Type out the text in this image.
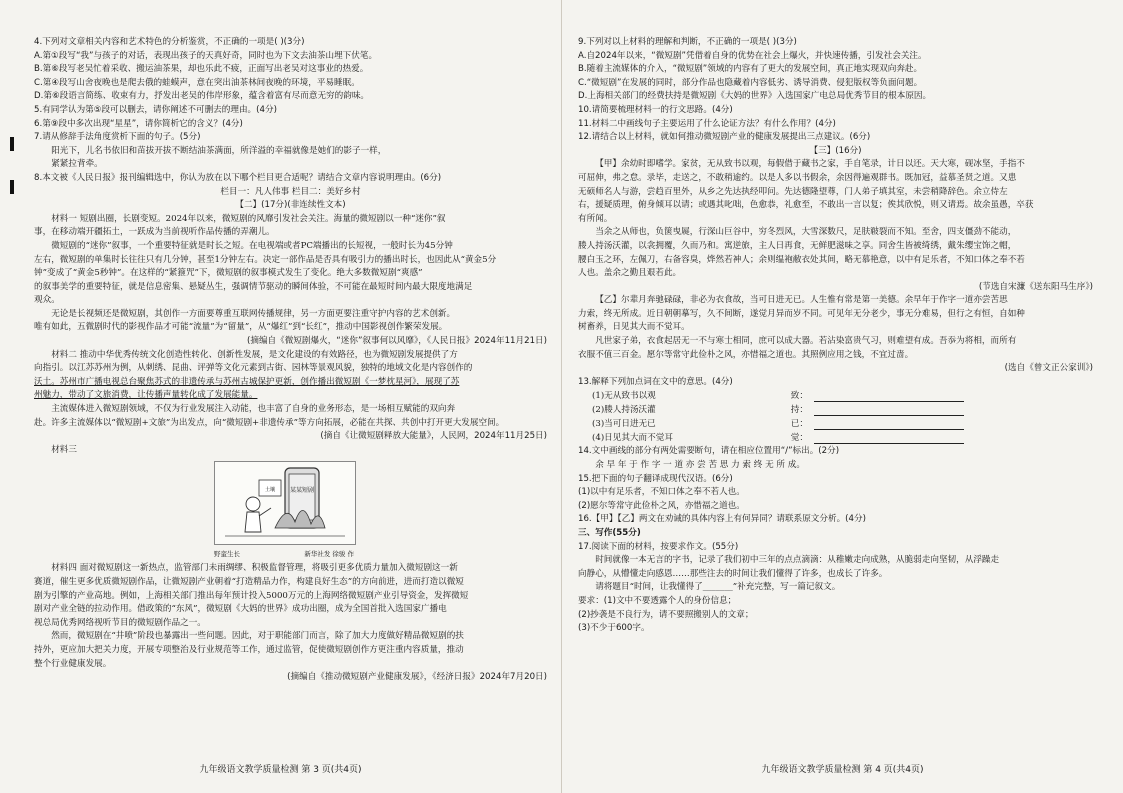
4.下列对文章相关内容和艺术特色的分析鉴赏，不正确的一项是( )(3分)
A.第①段写“我”与孩子的对话，表现出孩子的天真好奇，同时也为下文去油茶山埋下伏笔。
B.第⑥段写老吴忙着采收、搬运油茶果，却也乐此不疲，正面写出老吴对这事业的热爱。
C.第④段写山舍夜晚也是爬去俄的蛙蟆声，意在突出油茶林间夜晚的环境，平易睡眠。
D.第⑥段语言简练、收束有力，抒发出老吴的伟岸形象，蕴含着富有尽而意无穷的韵味。
5.有同学认为第⑤段可以删去，请你阐述不可删去的理由。(4分)
6.第⑨段中多次出现“星星”，请你简析它的含义？(4分)
7.请从修辞手法角度赏析下面的句子。(5分)
阳光下，儿名书依旧和苗拔开拔不断结油茶满面，所洋溢的幸福就像是她们的影子一样，
紧紧拉背牵。
8.本文被《人民日报》报刊编辑选中，你认为放在以下哪个栏目更合适呢？请结合文章内容说明理由。(6分)
栏目一：凡人伟事 栏目二：美好乡村
【二】(17分)(非连续性文本)
材料一 短剧出圈，长剧变短。2024年以来，微短剧的风靡引发社会关注。海量的微短剧以一种“迷你”叙
事，在移动端开疆拓土，一跃成为当前视听作品传播的弄潮儿。
微短剧的“迷你”叙事，一个重要特征就是时长之短。在电视端或者PC端播出的长短视，一般时长为45分钟
左右，微短剧的单集时长往往只有几分钟，甚至1分钟左右。决定一部作品是否具有吸引力的播出时长，也因此从“黄金5分
钟”变成了“黄金5秒钟”。在这样的“紧箍咒”下，微短剧的叙事模式发生了变化。绝大多数微短剧“爽感”
的叙事美学的重要特征，就是信息密集、悬疑丛生，强调情节驱动的瞬间体验，不可能在最短时间内最大限度地满足
观众。
无论是长视频还是微短剧，其创作一方面要尊重互联网传播规律，另一方面更要注重守护内容的艺术创新。
唯有如此，五微剧时代的影视作品才可能“流量”为“留量”，从“爆红”到“长红”，推动中国影视创作繁荣发展。
(摘编自《微短剧爆火，“迷你”叙事何以风靡》，《人民日报》2024年11月21日)
材料二 推动中华优秀传统文化创造性转化、创新性发展，是文化建设的有效路径，也为微短剧发展提供了方
向指引。以江苏苏州为例，从刺绣、昆曲、评弹等文化元素到古街、园林等景观风貌，独特的地域文化是内容创作的
沃土。苏州市广播电视总台聚焦苏式的非遗传承与苏州古城保护更新，创作播出微短剧《一梦枕星河》，展现了苏
州魅力，带动了文旅消费，让传播声量转化成了发展能量。
主流媒体进入微短剧领域，不仅为行业发展注入动能，也丰富了自身的业务形态，是一场相互赋能的双向奔
赴。许多主流媒体以“微短剧+文旅”为出发点，向“微短剧+非遗传承”等方向拓展，必能在共探、共创中打开更大发展空间。
(摘自《让微短剧释放大能量》，人民网，2024年11月25日)
材料三
某某短剧
土壤
野蛮生长	新华社发 徐骏 作
材料四 面对微短剧这一新热点，监管部门未雨绸缪、积极监督管理，将吸引更多优质力量加入微短剧这一新
赛道，催生更多优质微短剧作品，让微短剧产业朝着“打造精品力作，构建良好生态”的方向前进，进而打造以微短
剧为引擎的产业高地。例如，上海相关部门推出每年预计投入5000万元的上海网络微短剧产业引导资金，发挥微短
剧对产业全链的拉动作用。借政策的“东风”，微短剧《大妈的世界》成功出圈，成为全国首批入选国家广播电
视总局优秀网络视听节目的微短剧作品之一。
然而，微短剧在“井喷”阶段也暴露出一些问题。因此，对于职能部门而言，除了加大力度做好精品微短剧的扶
持外，更应加大把关力度，开展专项整治及行业规范等工作，通过监管，促使微短剧创作方更注重内容质量，推动
整个行业健康发展。
(摘编自《推动微短剧产业健康发展》，《经济日报》2024年7月20日)
九年级语文教学质量检测 第 3 页(共4页)
9.下列对以上材料的理解和判断，不正确的一项是( )(3分)
A.自2024年以来，“微短剧”凭借着自身的优势在社会上爆火，并快速传播，引发社会关注。
B.随着主流媒体的介入，“微短剧”领域的内容有了更大的发展空间，真正地实现双向奔赴。
C.“微短剧”在发展的同时，部分作品也隐藏着内容低劣、诱导消费、侵犯版权等负面问题。
D.上海相关部门的经费扶持是微短剧《大妈的世界》入选国家广电总局优秀节目的根本原因。
10.请简要梳理材料一的行文思路。(4分)
11.材料二中画线句子主要运用了什么论证方法？有什么作用？(4分)
12.请结合以上材料，就如何推动微短剧产业的健康发展提出三点建议。(6分)
【三】(16分)
【甲】余幼时即嗜学。家贫，无从致书以观，每假借于藏书之家，手自笔录，计日以还。天大寒，砚冰坚，手指不
可屈伸，弗之怠。录毕，走送之，不敢稍逾约。以是人多以书假余，余因得遍观群书。既加冠，益慕圣贤之道。又患
无硕师名人与游，尝趋百里外，从乡之先达执经叩问。先达德隆望尊，门人弟子填其室，未尝稍降辞色。余立侍左
右，援疑质理，俯身倾耳以请；或遇其叱咄，色愈恭，礼愈至，不敢出一言以复；俟其欣悦，则又请焉。故余虽愚，卒获
有所闻。
当余之从师也，负箧曳屣，行深山巨谷中，穷冬烈风，大雪深数尺，足肤皲裂而不知。至舍，四支僵劲不能动，
媵人持汤沃灌，以衾拥覆，久而乃和。寓逆旅，主人日再食，无鲜肥滋味之享。同舍生皆被绮绣，戴朱缨宝饰之帽，
腰白玉之环，左佩刀，右备容臭，烨然若神人；余则缊袍敝衣处其间，略无慕艳意，以中有足乐者，不知口体之奉不若
人也。盖余之勤且艰若此。
(节选自宋濂《送东阳马生序》)
【乙】尔辈月奔驰碌碌，非必为衣食故，当可日进无已。人生惟有常是第一美德。余早年于作字一道亦尝苦思
力索，终无所成。近日朝朝摹写，久不间断，遂觉月异而岁不同。可见年无分老少，事无分难易，但行之有恒，自如种
树畜养，日见其大而不觉耳。
凡世家子弟，衣食起居无一不与寒士相同，庶可以成大器。若沾染富贵气习，则难望有成。吾忝为将相，而所有
衣服不值三百金。愿尔等常守此俭朴之风，亦惜福之道也。其照例应用之钱，不宜过啬。
(选自《曾文正公家训》)
13.解释下列加点词在文中的意思。(4分)
(1)无从致书以观	致：
(2)媵人持汤沃灌	持：
(3)当可日进无已	已：
(4)日见其大而不觉耳	觉：
14.文中画线的部分有两处需要断句，请在相应位置用“/”标出。(2分)
余 早 年 于 作 字 一 道 亦 尝 苦 思 力 索 终 无 所 成。
15.把下面的句子翻译成现代汉语。(6分)
(1)以中有足乐者，不知口体之奉不若人也。
(2)愿尔等常守此俭朴之风，亦惜福之道也。
16.【甲】【乙】两文在劝诫的具体内容上有何异同？请联系原文分析。(4分)
三、写作(55分)
17.阅读下面的材料，按要求作文。(55分)
时间就像一本无言的字书，记录了我们初中三年的点点滴滴：从稚嫩走向成熟，从脆弱走向坚韧，从浮躁走
向静心，从懵懂走向感恩……那些注去的时间让我们懂得了许多，也成长了许多。
请将题目“时间，让我懂得了_______”补充完整，写一篇记叙文。
要求：(1)文中不要透露个人的身份信息；
(2)抄袭是不良行为，请不要照搬别人的文章；
(3)不少于600字。
九年级语文教学质量检测 第 4 页(共4页)
